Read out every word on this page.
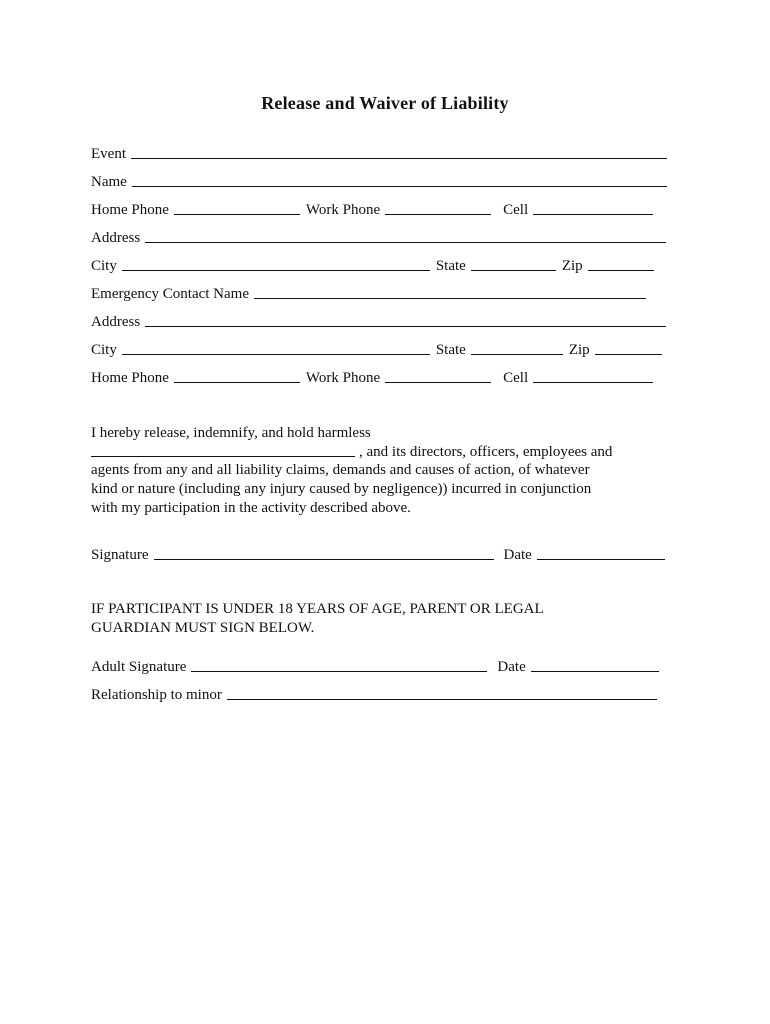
Release and Waiver of Liability
Event
Name
Home Phone	Work Phone	Cell
Address
City	State	Zip
Emergency Contact Name
Address
City	State	Zip
Home Phone	Work Phone	Cell
I hereby release, indemnify, and hold harmless
, and its directors, officers, employees and
agents from any and all liability claims, demands and causes of action, of whatever
kind or nature (including any injury caused by negligence)) incurred in conjunction
with my participation in the activity described above.
Signature	Date
IF PARTICIPANT IS UNDER 18 YEARS OF AGE, PARENT OR LEGAL
GUARDIAN MUST SIGN BELOW.
Adult Signature	Date
Relationship to minor
